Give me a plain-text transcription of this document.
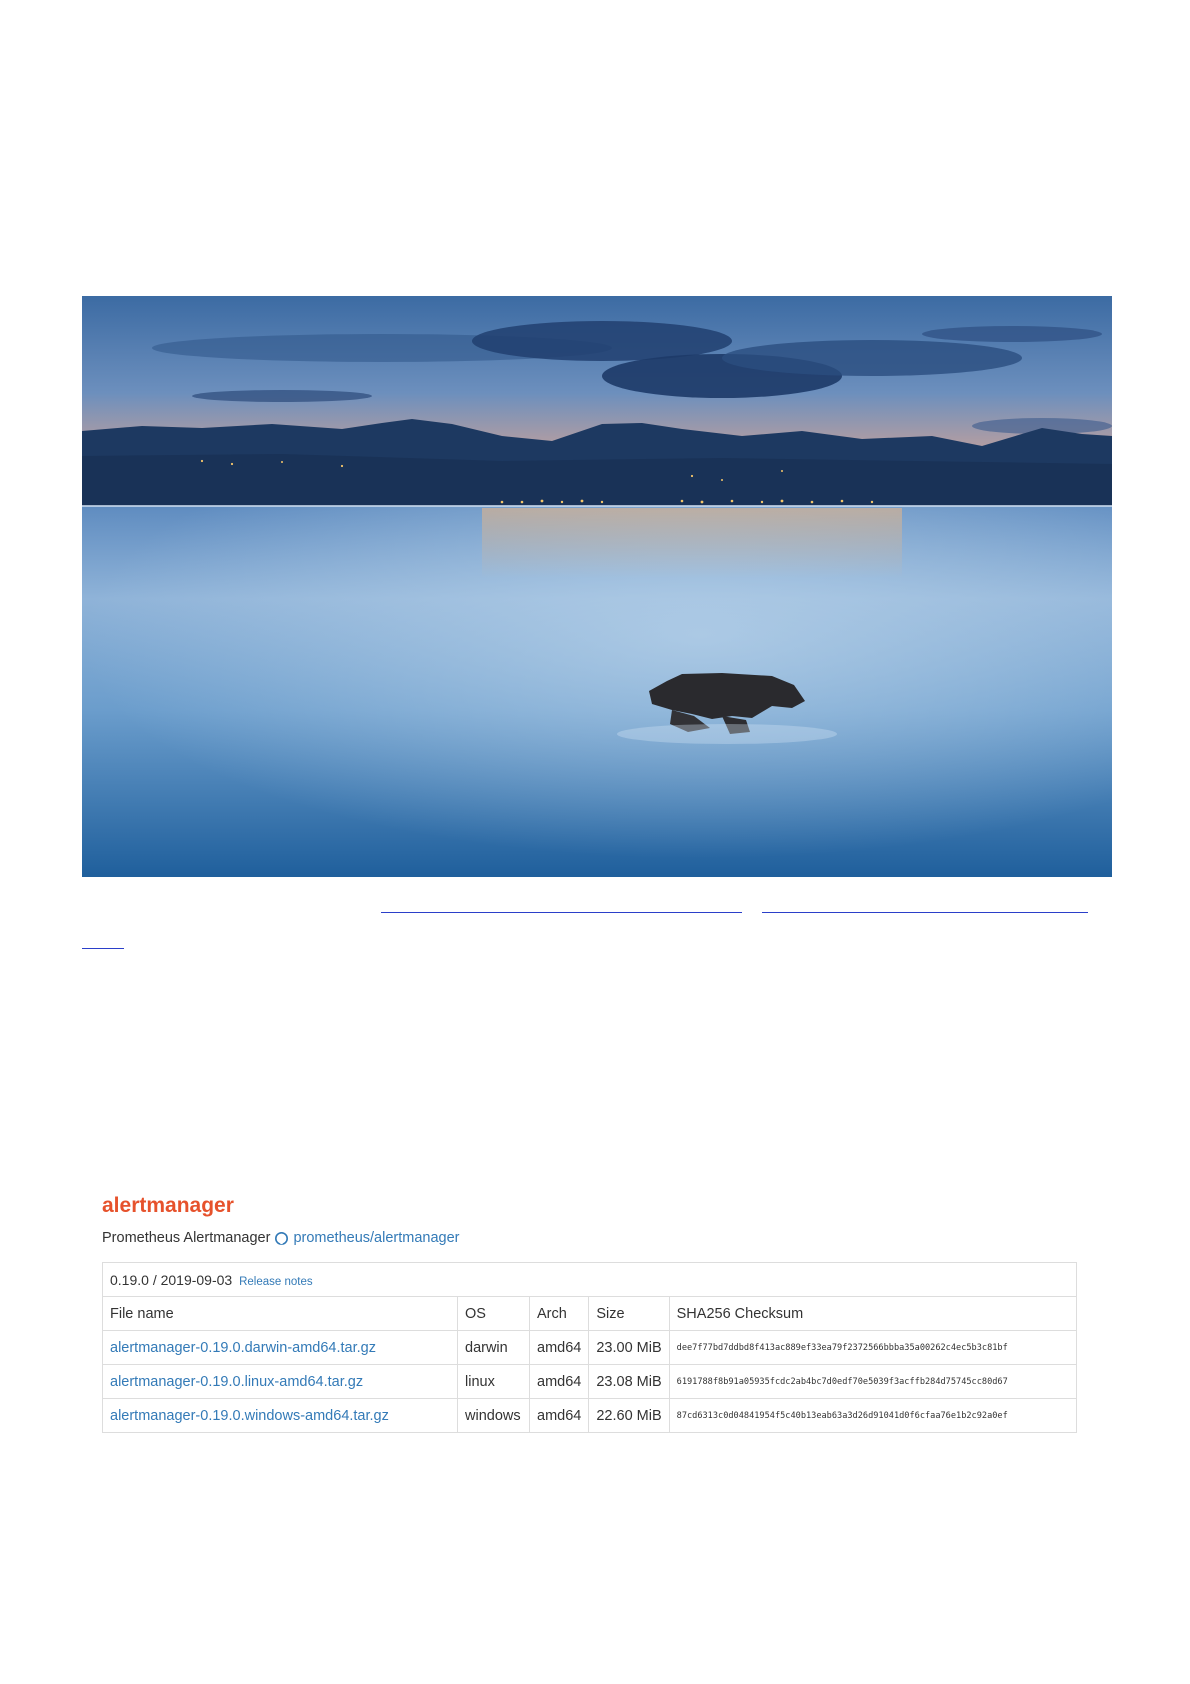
alertmanager
Prometheus Alertmanager prometheus/alertmanager
0.19.0 / 2019-09-03 Release notes				
File name	OS	Arch	Size	SHA256 Checksum
alertmanager-0.19.0.darwin-amd64.tar.gz	darwin	amd64	23.00 MiB	dee7f77bd7ddbd8f413ac889ef33ea79f2372566bbba35a00262c4ec5b3c81bf
alertmanager-0.19.0.linux-amd64.tar.gz	linux	amd64	23.08 MiB	6191788f8b91a05935fcdc2ab4bc7d0edf70e5039f3acffb284d75745cc80d67
alertmanager-0.19.0.windows-amd64.tar.gz	windows	amd64	22.60 MiB	87cd6313c0d04841954f5c40b13eab63a3d26d91041d0f6cfaa76e1b2c92a0ef
